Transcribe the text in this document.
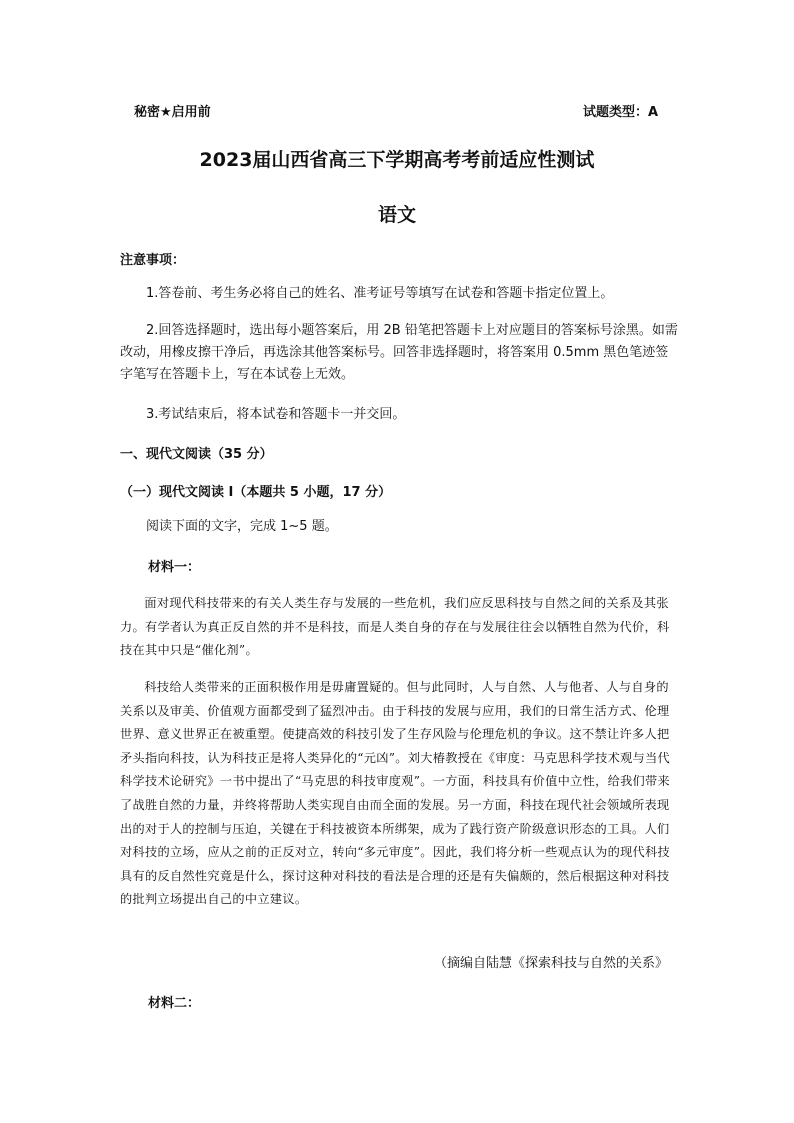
秘密★启用前	试题类型：A
2023届山西省高三下学期高考考前适应性测试
语文
注意事项：
1.答卷前、考生务必将自己的姓名、准考证号等填写在试卷和答题卡指定位置上。
2.回答选择题时，选出每小题答案后，用 2B 铅笔把答题卡上对应题目的答案标号涂黑。如需改动，用橡皮擦干净后，再选涂其他答案标号。回答非选择题时，将答案用 0.5mm 黑色笔迹签字笔写在答题卡上，写在本试卷上无效。
3.考试结束后，将本试卷和答题卡一并交回。
一、现代文阅读（35 分）
（一）现代文阅读 I（本题共 5 小题，17 分）
阅读下面的文字，完成 1~5 题。
材料一：
面对现代科技带来的有关人类生存与发展的一些危机，我们应反思科技与自然之间的关系及其张力。有学者认为真正反自然的并不是科技，而是人类自身的存在与发展往往会以牺牲自然为代价，科技在其中只是“催化剂”。
科技给人类带来的正面积极作用是毋庸置疑的。但与此同时，人与自然、人与他者、人与自身的关系以及审美、价值观方面都受到了猛烈冲击。由于科技的发展与应用，我们的日常生活方式、伦理世界、意义世界正在被重塑。使捷高效的科技引发了生存风险与伦理危机的争议。这不禁让许多人把矛头指向科技，认为科技正是将人类异化的“元凶”。刘大椿教授在《审度：马克思科学技术观与当代科学技术论研究》一书中提出了“马克思的科技审度观”。一方面，科技具有价值中立性，给我们带来了战胜自然的力量，并终将帮助人类实现自由而全面的发展。另一方面，科技在现代社会领域所表现出的对于人的控制与压迫，关键在于科技被资本所绑架，成为了践行资产阶级意识形态的工具。人们对科技的立场，应从之前的正反对立，转向“多元审度”。因此，我们将分析一些观点认为的现代科技具有的反自然性究竟是什么，探讨这种对科技的看法是合理的还是有失偏颇的，然后根据这种对科技的批判立场提出自己的中立建议。
（摘编自陆慧《探索科技与自然的关系》
材料二：
